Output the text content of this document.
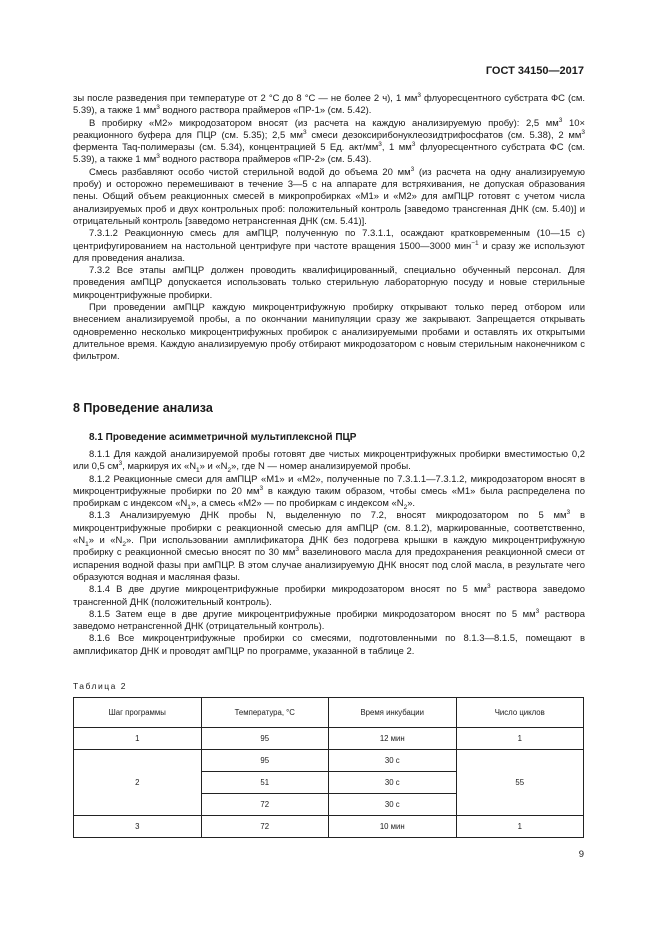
ГОСТ 34150—2017

зы после разведения при температуре от 2 °С до 8 °С — не более 2 ч), 1 $мм^3$ флуоресцентного субстрата ФС (см. 5.39), а также 1 $мм^3$ водного раствора праймеров «ПР-1» (см. 5.42).

В пробирку «М2» микродозатором вносят (из расчета на каждую анализируемую пробу): 2,5 $мм^3$ 10× реакционного буфера для ПЦР (см. 5.35); 2,5 $мм^3$ смеси дезоксирибонуклеозидтрифосфатов (см. 5.38), 2 $мм^3$ фермента Taq-полимеразы (см. 5.34), концентрацией 5 Ед. акт/$мм^3$, 1 $мм^3$ флуоресцентного субстрата ФС (см. 5.39), а также 1 $мм^3$ водного раствора праймеров «ПР-2» (см. 5.43).

Смесь разбавляют особо чистой стерильной водой до объема 20 $мм^3$ (из расчета на одну анализируемую пробу) и осторожно перемешивают в течение 3—5 с на аппарате для встряхивания, не допуская образования пены. Общий объем реакционных смесей в микропробирках «М1» и «М2» для амПЦР готовят с учетом числа анализируемых проб и двух контрольных проб: положительный контроль [заведомо трансгенная ДНК (см. 5.40)] и отрицательный контроль [заведомо нетрансгенная ДНК (см. 5.41)].

7.3.1.2 Реакционную смесь для амПЦР, полученную по 7.3.1.1, осаждают кратковременным (10—15 с) центрифугированием на настольной центрифуге при частоте вращения 1500—3000 мин$^{-1}$ и сразу же используют для проведения анализа.

7.3.2 Все этапы амПЦР должен проводить квалифицированный, специально обученный персонал. Для проведения амПЦР допускается использовать только стерильную лабораторную посуду и новые стерильные микроцентрифужные пробирки.

При проведении амПЦР каждую микроцентрифужную пробирку открывают только перед отбором или внесением анализируемой пробы, а по окончании манипуляции сразу же закрывают. Запрещается открывать одновременно несколько микроцентрифужных пробирок с анализируемыми пробами и оставлять их открытыми длительное время. Каждую анализируемую пробу отбирают микродозатором с новым стерильным наконечником с фильтром.

8 Проведение анализа
8.1 Проведение асимметричной мультиплексной ПЦР

8.1.1 Для каждой анализируемой пробы готовят две чистых микроцентрифужных пробирки вместимостью 0,2 или 0,5 $см^3$, маркируя их «$N_1$» и «$N_2$», где N — номер анализируемой пробы.

8.1.2 Реакционные смеси для амПЦР «М1» и «М2», полученные по 7.3.1.1—7.3.1.2, микродозатором вносят в микроцентрифужные пробирки по 20 $мм^3$ в каждую таким образом, чтобы смесь «М1» была распределена по пробиркам с индексом «$N_1$», а смесь «М2» — по пробиркам с индексом «$N_2$».

8.1.3 Анализируемую ДНК пробы N, выделенную по 7.2, вносят микродозатором по 5 $мм^3$ в микроцентрифужные пробирки с реакционной смесью для амПЦР (см. 8.1.2), маркированные, соответственно, «$N_1$» и «$N_2$». При использовании амплификатора ДНК без подогрева крышки в каждую микроцентрифужную пробирку с реакционной смесью вносят по 30 $мм^3$ вазелинового масла для предохранения реакционной смеси от испарения водной фазы при амПЦР. В этом случае анализируемую ДНК вносят под слой масла, в результате чего образуются водная и масляная фазы.

8.1.4 В две другие микроцентрифужные пробирки микродозатором вносят по 5 $мм^3$ раствора заведомо трансгенной ДНК (положительный контроль).

8.1.5 Затем еще в две другие микроцентрифужные пробирки микродозатором вносят по 5 $мм^3$ раствора заведомо нетрансгенной ДНК (отрицательный контроль).

8.1.6 Все микроцентрифужные пробирки со смесями, подготовленными по 8.1.3—8.1.5, помещают в амплификатор ДНК и проводят амПЦР по программе, указанной в таблице 2.

Таблица 2
Шаг программы	Температура, °С	Время инкубации	Число циклов
1	95	12 мин	1
2	95	30 с	55
	51	30 с	
	72	30 с	
3	72	10 мин	1
9
